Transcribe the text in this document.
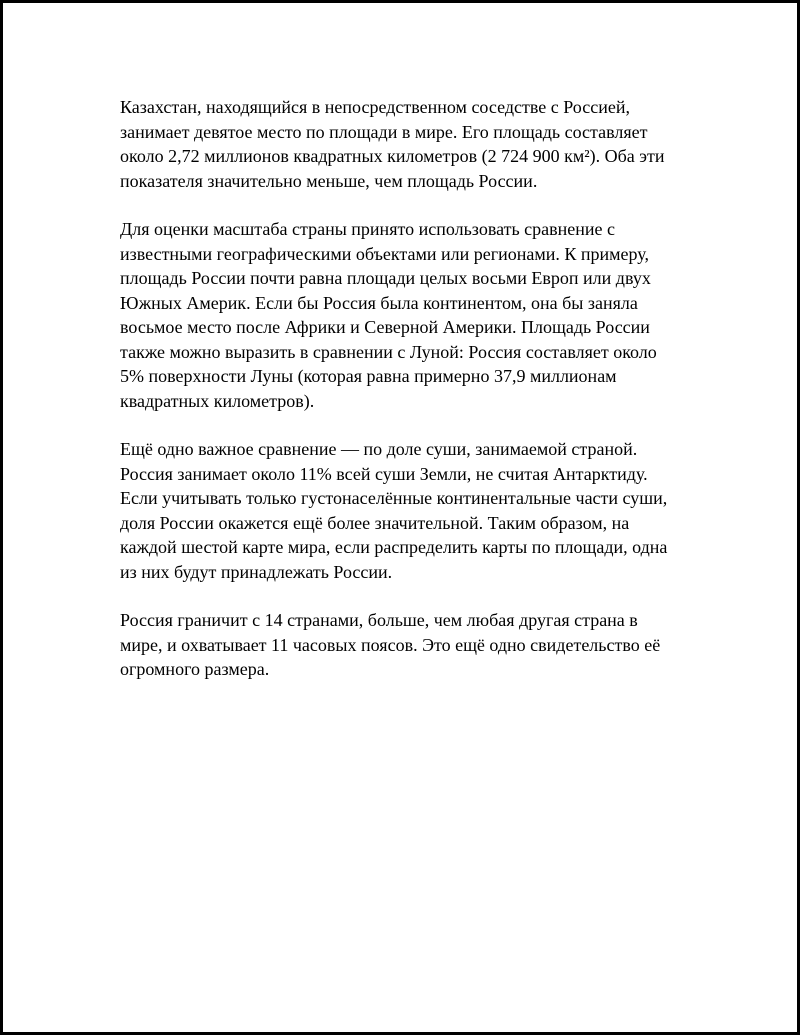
Казахстан, находящийся в непосредственном соседстве с Россией,
занимает девятое место по площади в мире. Его площадь составляет
около 2,72 миллионов квадратных километров (2 724 900 км²). Оба эти
показателя значительно меньше, чем площадь России.

Для оценки масштаба страны принято использовать сравнение с
известными географическими объектами или регионами. К примеру,
площадь России почти равна площади целых восьми Европ или двух
Южных Америк. Если бы Россия была континентом, она бы заняла
восьмое место после Африки и Северной Америки. Площадь России
также можно выразить в сравнении с Луной: Россия составляет около
5% поверхности Луны (которая равна примерно 37,9 миллионам
квадратных километров).

Ещё одно важное сравнение — по доле суши, занимаемой страной.
Россия занимает около 11% всей суши Земли, не считая Антарктиду.
Если учитывать только густонаселённые континентальные части суши,
доля России окажется ещё более значительной. Таким образом, на
каждой шестой карте мира, если распределить карты по площади, одна
из них будут принадлежать России.

Россия граничит с 14 странами, больше, чем любая другая страна в
мире, и охватывает 11 часовых поясов. Это ещё одно свидетельство её
огромного размера.
